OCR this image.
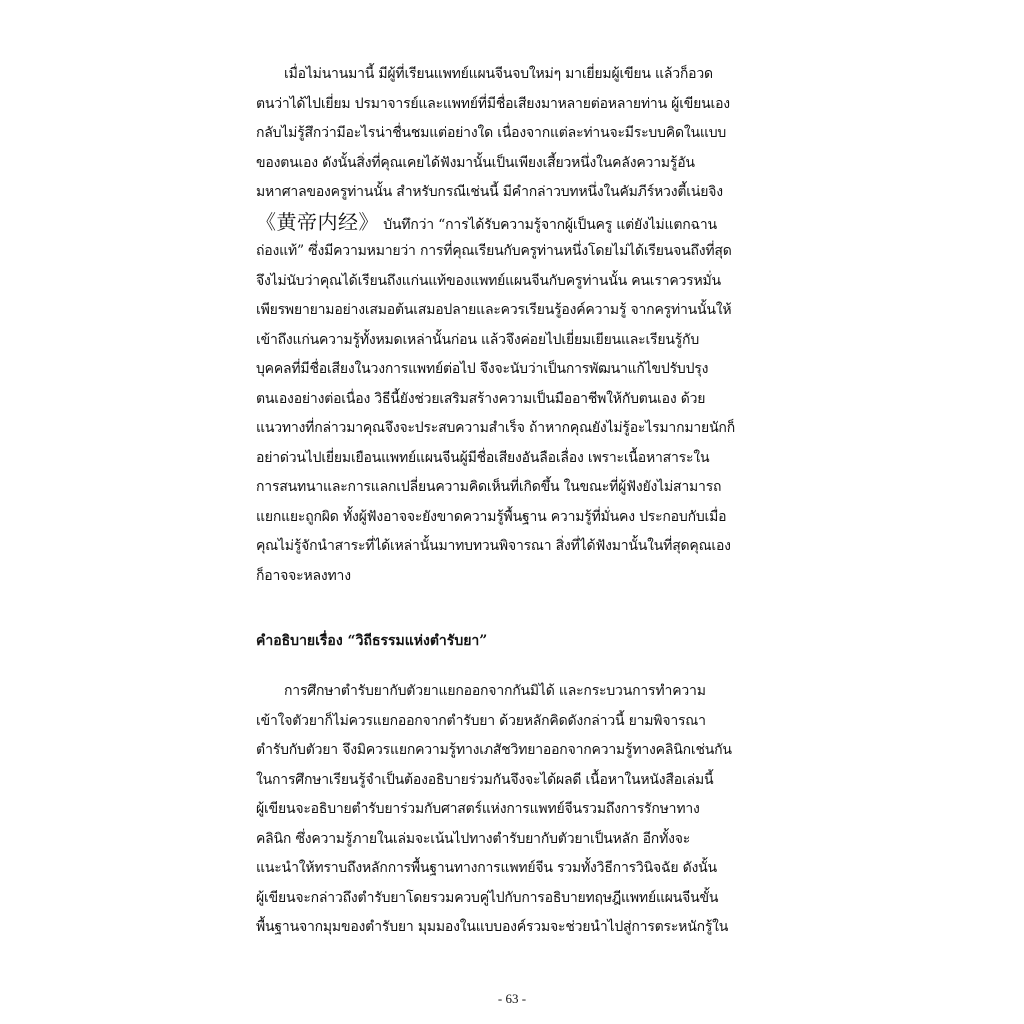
เมื่อไม่นานมานี้ มีผู้ที่เรียนแพทย์แผนจีนจบใหม่ๆ มาเยี่ยมผู้เขียน แล้วก็อวด
ตนว่าได้ไปเยี่ยม ปรมาจารย์และแพทย์ที่มีชื่อเสียงมาหลายต่อหลายท่าน ผู้เขียนเอง
กลับไม่รู้สึกว่ามีอะไรน่าชื่นชมแต่อย่างใด เนื่องจากแต่ละท่านจะมีระบบคิดในแบบ
ของตนเอง ดังนั้นสิ่งที่คุณเคยได้ฟังมานั้นเป็นเพียงเสี้ยวหนึ่งในคลังความรู้อัน
มหาศาลของครูท่านนั้น สำหรับกรณีเช่นนี้ มีคำกล่าวบทหนึ่งในคัมภีร์หวงตี้เน่ยจิง
《黄帝内经》 บันทึกว่า “การได้รับความรู้จากผู้เป็นครู แต่ยังไม่แตกฉาน
ถ่องแท้” ซึ่งมีความหมายว่า การที่คุณเรียนกับครูท่านหนึ่งโดยไม่ได้เรียนจนถึงที่สุด
จึงไม่นับว่าคุณได้เรียนถึงแก่นแท้ของแพทย์แผนจีนกับครูท่านนั้น คนเราควรหมั่น
เพียรพยายามอย่างเสมอต้นเสมอปลายและควรเรียนรู้องค์ความรู้ จากครูท่านนั้นให้
เข้าถึงแก่นความรู้ทั้งหมดเหล่านั้นก่อน แล้วจึงค่อยไปเยี่ยมเยียนและเรียนรู้กับ
บุคคลที่มีชื่อเสียงในวงการแพทย์ต่อไป จึงจะนับว่าเป็นการพัฒนาแก้ไขปรับปรุง
ตนเองอย่างต่อเนื่อง วิธีนี้ยังช่วยเสริมสร้างความเป็นมืออาชีพให้กับตนเอง ด้วย
แนวทางที่กล่าวมาคุณจึงจะประสบความสำเร็จ ถ้าหากคุณยังไม่รู้อะไรมากมายนักก็
อย่าด่วนไปเยี่ยมเยือนแพทย์แผนจีนผู้มีชื่อเสียงอันลือเลื่อง เพราะเนื้อหาสาระใน
การสนทนาและการแลกเปลี่ยนความคิดเห็นที่เกิดขึ้น ในขณะที่ผู้ฟังยังไม่สามารถ
แยกแยะถูกผิด ทั้งผู้ฟังอาจจะยังขาดความรู้พื้นฐาน ความรู้ที่มั่นคง ประกอบกับเมื่อ
คุณไม่รู้จักนำสาระที่ได้เหล่านั้นมาทบทวนพิจารณา สิ่งที่ได้ฟังมานั้นในที่สุดคุณเอง
ก็อาจจะหลงทาง
คำอธิบายเรื่อง “วิถีธรรมแห่งตำรับยา”
การศึกษาตำรับยากับตัวยาแยกออกจากกันมิได้ และกระบวนการทำความ
เข้าใจตัวยาก็ไม่ควรแยกออกจากตำรับยา ด้วยหลักคิดดังกล่าวนี้ ยามพิจารณา
ตำรับกับตัวยา จึงมิควรแยกความรู้ทางเภสัชวิทยาออกจากความรู้ทางคลินิกเช่นกัน
ในการศึกษาเรียนรู้จำเป็นต้องอธิบายร่วมกันจึงจะได้ผลดี เนื้อหาในหนังสือเล่มนี้
ผู้เขียนจะอธิบายตำรับยาร่วมกับศาสตร์แห่งการแพทย์จีนรวมถึงการรักษาทาง
คลินิก ซึ่งความรู้ภายในเล่มจะเน้นไปทางตำรับยากับตัวยาเป็นหลัก อีกทั้งจะ
แนะนำให้ทราบถึงหลักการพื้นฐานทางการแพทย์จีน รวมทั้งวิธีการวินิจฉัย ดังนั้น
ผู้เขียนจะกล่าวถึงตำรับยาโดยรวมควบคู่ไปกับการอธิบายทฤษฎีแพทย์แผนจีนขั้น
พื้นฐานจากมุมของตำรับยา มุมมองในแบบองค์รวมจะช่วยนำไปสู่การตระหนักรู้ใน
- 63 -
